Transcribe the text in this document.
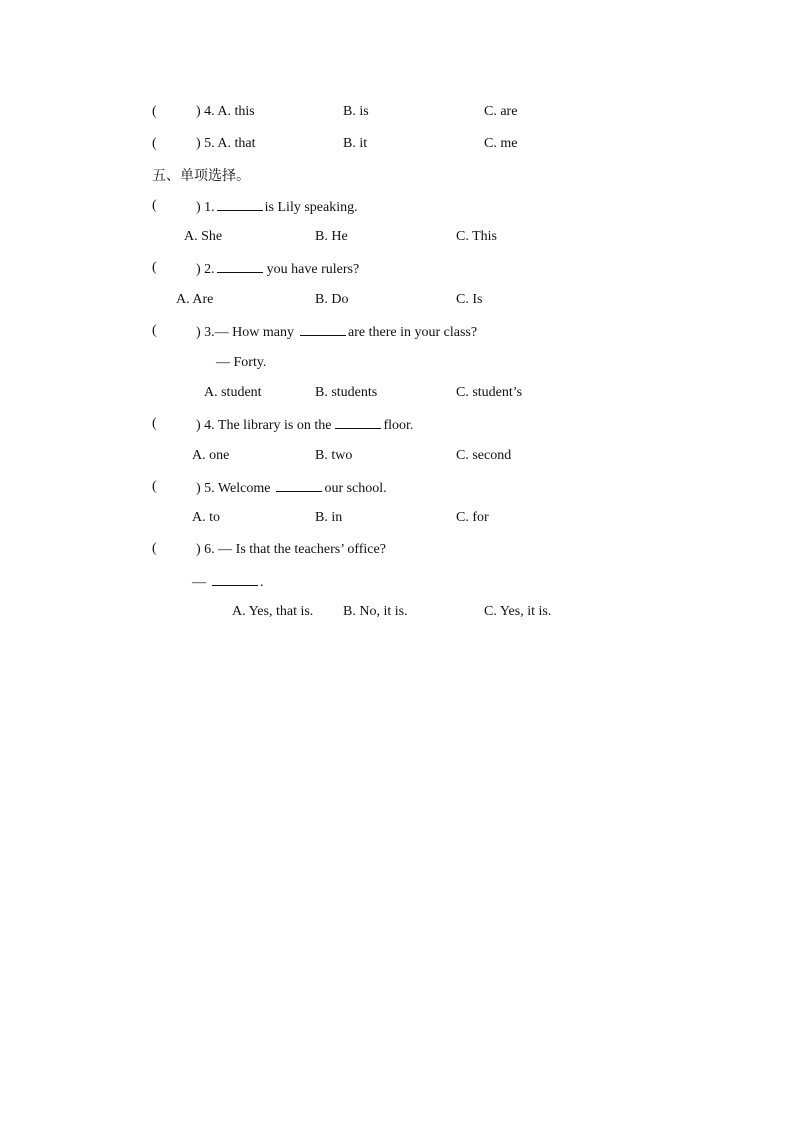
(	) 4. A. this	B. is	C. are
(	) 5. A. that	B. it	C. me
五、单项选择。
(	) 1.	is Lily speaking.
A. She	B. He	C. This
(	) 2.	you have rulers?
A. Are	B. Do	C. Is
(	) 3.— How many	are there in your class?
— Forty.
A. student	B. students	C. student’s
(	) 4. The library is on the	floor.
A. one	B. two	C. second
(	) 5. Welcome	our school.
A. to	B. in	C. for
(	) 6. — Is that the teachers’ office?
—	.
A. Yes, that is. B. No, it is.	C. Yes, it is.
